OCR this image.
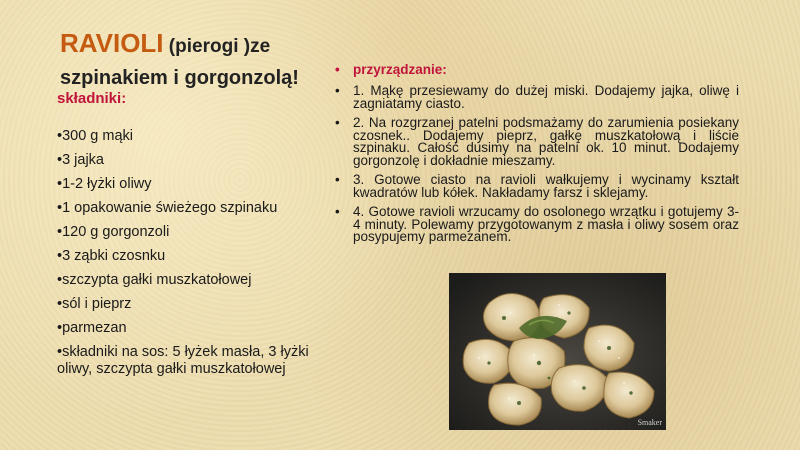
RAVIOLI (pierogi )ze
szpinakiem i gorgonzolą!
składniki:
•300 g mąki
•3 jajka
•1-2 łyżki oliwy
•1 opakowanie świeżego szpinaku
•120 g gorgonzoli
•3 ząbki czosnku
•szczypta gałki muszkatołowej
•sól i pieprz
•parmezan
•składniki na sos: 5 łyżek masła, 3 łyżki oliwy, szczypta gałki muszkatołowej
• przyrządzanie:
• 1. Mąkę przesiewamy do dużej miski. Dodajemy jajka, oliwę i zagniatamy ciasto.
• 2. Na rozgrzanej patelni podsmażamy do zarumienia posiekany czosnek.. Dodajemy pieprz, gałkę muszkatołową i liście szpinaku. Całość dusimy na patelni ok. 10 minut. Dodajemy gorgonzolę i dokładnie mieszamy.
• 3. Gotowe ciasto na ravioli wałkujemy i wycinamy kształt kwadratów lub kółek. Nakładamy farsz i sklejamy.
• 4. Gotowe ravioli wrzucamy do osolonego wrzątku i gotujemy 3-4 minuty. Polewamy przygotowanym z masła i oliwy sosem oraz posypujemy parmezanem.
Smaker
